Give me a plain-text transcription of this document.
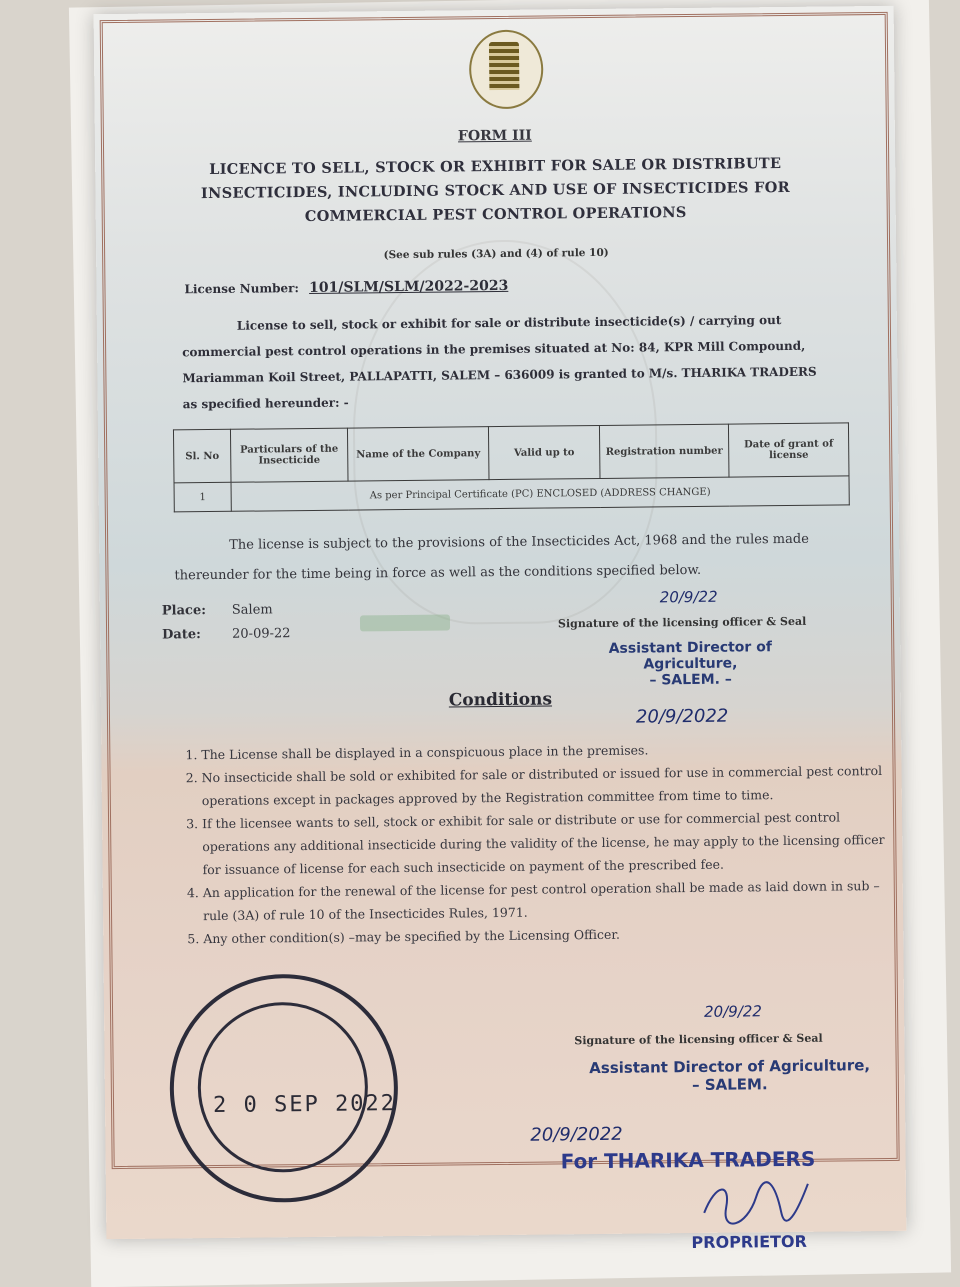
FORM III
LICENCE TO SELL, STOCK OR EXHIBIT FOR SALE OR DISTRIBUTE
INSECTICIDES, INCLUDING STOCK AND USE OF INSECTICIDES FOR
COMMERCIAL PEST CONTROL OPERATIONS
(See sub rules (3A) and (4) of rule 10)
License Number: 101/SLM/SLM/2022-2023
License to sell, stock or exhibit for sale or distribute insecticide(s) / carrying out commercial pest control operations in the premises situated at No: 84, KPR Mill Compound, Mariamman Koil Street, PALLAPATTI, SALEM – 636009 is granted to M/s. THARIKA TRADERS as specified hereunder: -
Sl. No	Particulars of the Insecticide	Name of the Company	Valid up to	Registration number	Date of grant of license
1	As per Principal Certificate (PC) ENCLOSED (ADDRESS CHANGE)				
The license is subject to the provisions of the Insecticides Act, 1968 and the rules made thereunder for the time being in force as well as the conditions specified below.
Place: Salem
Date: 20-09-22
Signature of the licensing officer & Seal
20/9/22
Assistant Director of Agriculture,
– SALEM. –
Conditions
20/9/2022
1. The License shall be displayed in a conspicuous place in the premises.
2. No insecticide shall be sold or exhibited for sale or distributed or issued for use in commercial pest control operations except in packages approved by the Registration committee from time to time.
3. If the licensee wants to sell, stock or exhibit for sale or distribute or use for commercial pest control operations any additional insecticide during the validity of the license, he may apply to the licensing officer for issuance of license for each such insecticide on payment of the prescribed fee.
4. An application for the renewal of the license for pest control operation shall be made as laid down in sub –rule (3A) of rule 10 of the Insecticides Rules, 1971.
5. Any other condition(s) –may be specified by the Licensing Officer.
2 0 SEP 2022
Signature of the licensing officer & Seal
20/9/22
Assistant Director of Agriculture,
– SALEM.
20/9/2022
For THARIKA TRADERS
PROPRIETOR
